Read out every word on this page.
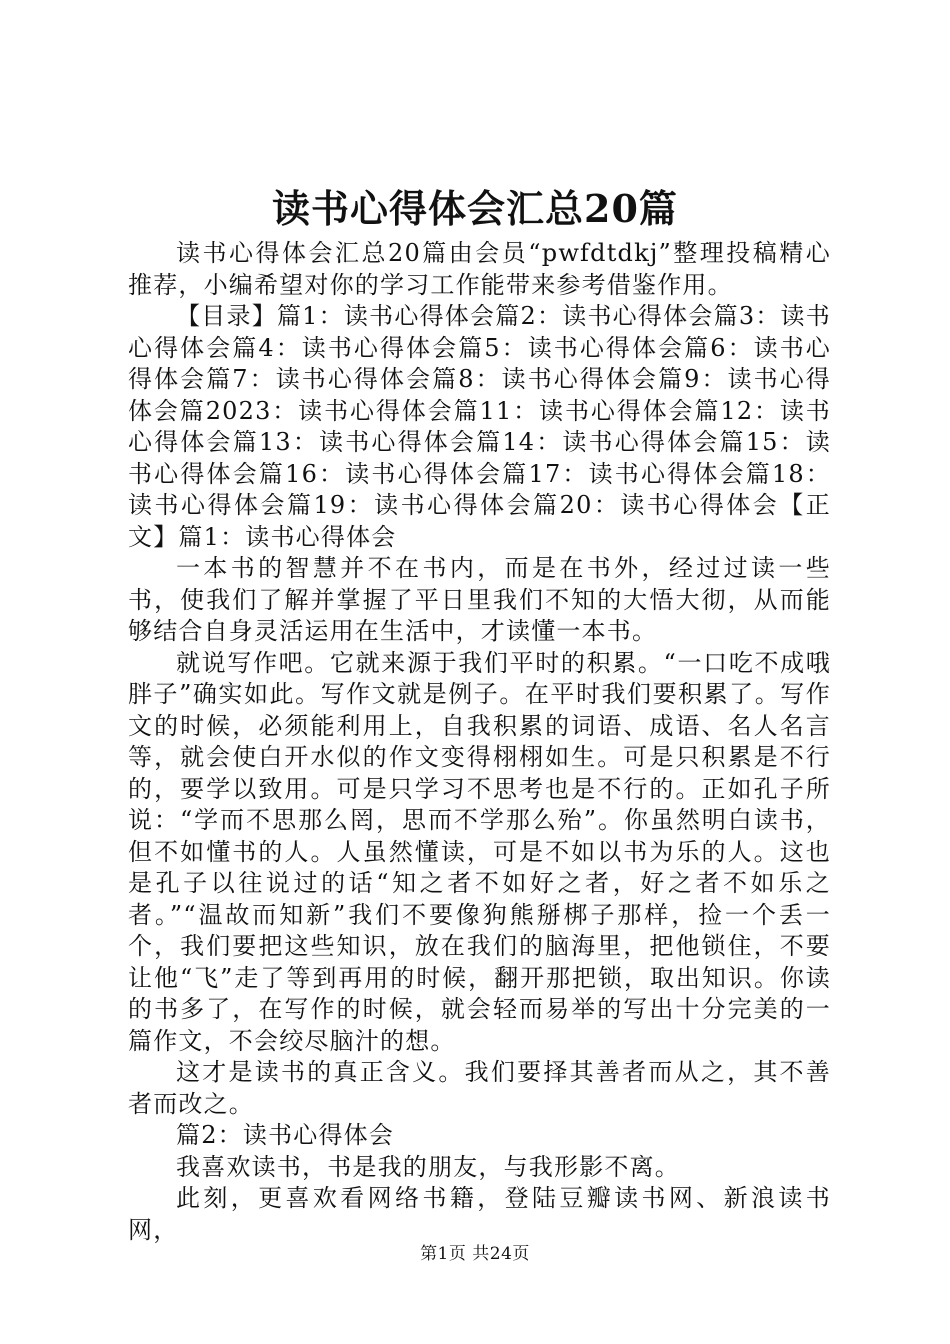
读书心得体会汇总20篇

读书心得体会汇总20篇由会员“pwfdtdkj”整理投稿精心推荐，小编希望对你的学习工作能带来参考借鉴作用。

【目录】篇1：读书心得体会篇2：读书心得体会篇3：读书心得体会篇4：读书心得体会篇5：读书心得体会篇6：读书心得体会篇7：读书心得体会篇8：读书心得体会篇9：读书心得体会篇2023：读书心得体会篇11：读书心得体会篇12：读书心得体会篇13：读书心得体会篇14：读书心得体会篇15：读书心得体会篇16：读书心得体会篇17：读书心得体会篇18：读书心得体会篇19：读书心得体会篇20：读书心得体会【正文】篇1：读书心得体会

一本书的智慧并不在书内，而是在书外，经过过读一些书，使我们了解并掌握了平日里我们不知的大悟大彻，从而能够结合自身灵活运用在生活中，才读懂一本书。

就说写作吧。它就来源于我们平时的积累。“一口吃不成哦胖子”确实如此。写作文就是例子。在平时我们要积累了。写作文的时候，必须能利用上，自我积累的词语、成语、名人名言等，就会使白开水似的作文变得栩栩如生。可是只积累是不行的，要学以致用。可是只学习不思考也是不行的。正如孔子所说：“学而不思那么罔，思而不学那么殆”。你虽然明白读书，但不如懂书的人。人虽然懂读，可是不如以书为乐的人。这也是孔子以往说过的话“知之者不如好之者，好之者不如乐之者。”“温故而知新”我们不要像狗熊掰梆子那样，捡一个丢一个，我们要把这些知识，放在我们的脑海里，把他锁住，不要让他“飞”走了等到再用的时候，翻开那把锁，取出知识。你读的书多了，在写作的时候，就会轻而易举的写出十分完美的一篇作文，不会绞尽脑汁的想。

这才是读书的真正含义。我们要择其善者而从之，其不善者而改之。

篇2：读书心得体会

我喜欢读书，书是我的朋友，与我形影不离。

此刻，更喜欢看网络书籍，登陆豆瓣读书网、新浪读书网，

第1页 共24页
